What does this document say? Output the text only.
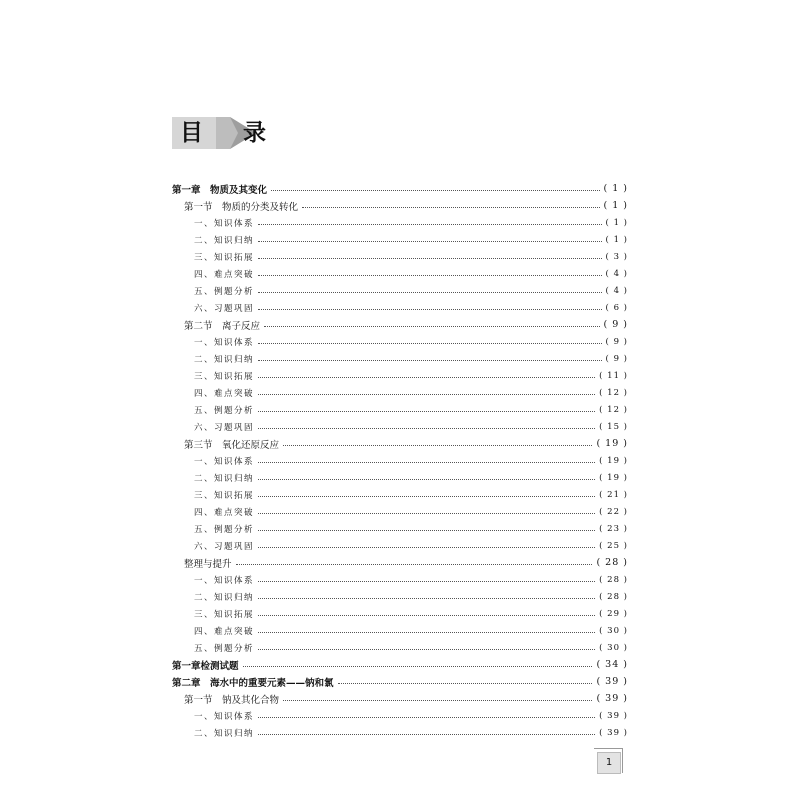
目 录
第一章　物质及其变化	( 1 )
第一节　物质的分类及转化	( 1 )
一、知识体系	( 1 )
二、知识归纳	( 1 )
三、知识拓展	( 3 )
四、难点突破	( 4 )
五、例题分析	( 4 )
六、习题巩固	( 6 )
第二节　离子反应	( 9 )
一、知识体系	( 9 )
二、知识归纳	( 9 )
三、知识拓展	( 11 )
四、难点突破	( 12 )
五、例题分析	( 12 )
六、习题巩固	( 15 )
第三节　氧化还原反应	( 19 )
一、知识体系	( 19 )
二、知识归纳	( 19 )
三、知识拓展	( 21 )
四、难点突破	( 22 )
五、例题分析	( 23 )
六、习题巩固	( 25 )
整理与提升	( 28 )
一、知识体系	( 28 )
二、知识归纳	( 28 )
三、知识拓展	( 29 )
四、难点突破	( 30 )
五、例题分析	( 30 )
第一章检测试题	( 34 )
第二章　海水中的重要元素——钠和氯	( 39 )
第一节　钠及其化合物	( 39 )
一、知识体系	( 39 )
二、知识归纳	( 39 )
1
